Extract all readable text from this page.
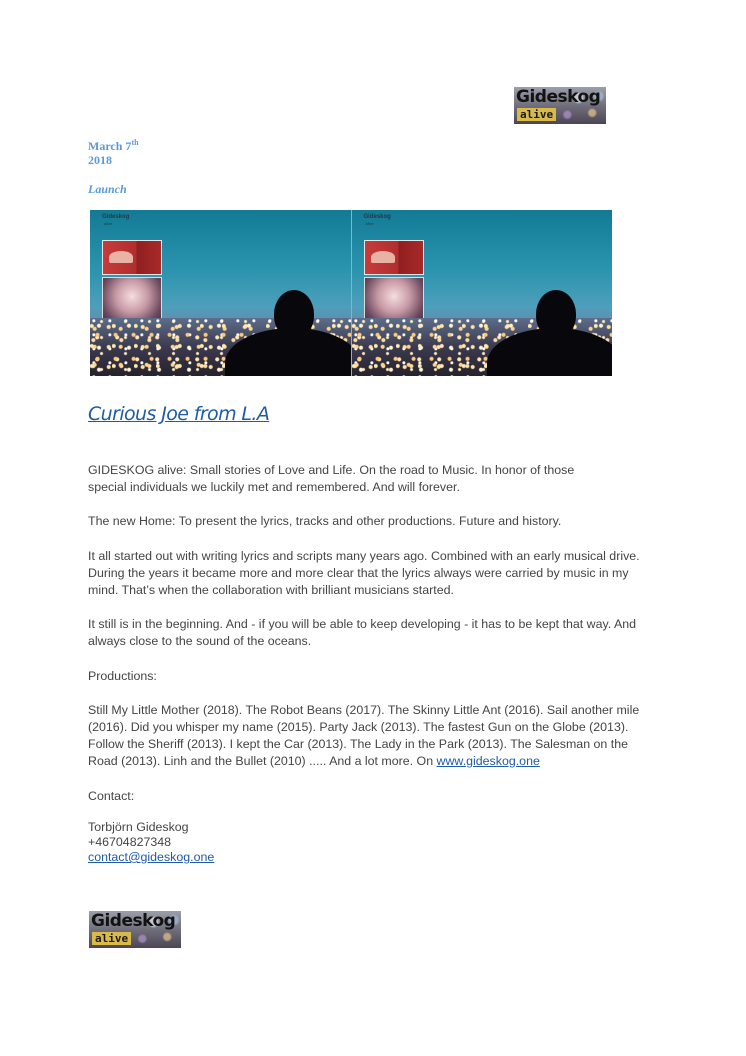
Gideskog
alive
March 7th
2018
Launch
Gideskog
alive
Gideskog
alive
Curious Joe from L.A
GIDESKOG alive: Small stories of Love and Life. On the road to Music. In honor of those
special individuals we luckily met and remembered. And will forever.
The new Home: To present the lyrics, tracks and other productions. Future and history.
It all started out with writing lyrics and scripts many years ago. Combined with an early musical drive.
During the years it became more and more clear that the lyrics always were carried by music in my
mind. That’s when the collaboration with brilliant musicians started.
It still is in the beginning. And - if you will be able to keep developing - it has to be kept that way. And
always close to the sound of the oceans.
Productions:
Still My Little Mother (2018). The Robot Beans (2017). The Skinny Little Ant (2016). Sail another mile
(2016). Did you whisper my name (2015). Party Jack (2013). The fastest Gun on the Globe (2013).
Follow the Sheriff (2013). I kept the Car (2013). The Lady in the Park (2013). The Salesman on the
Road (2013). Linh and the Bullet (2010) ..... And a lot more. On www.gideskog.one
Contact:
Torbjörn Gideskog
+46704827348
contact@gideskog.one
Gideskog
alive
